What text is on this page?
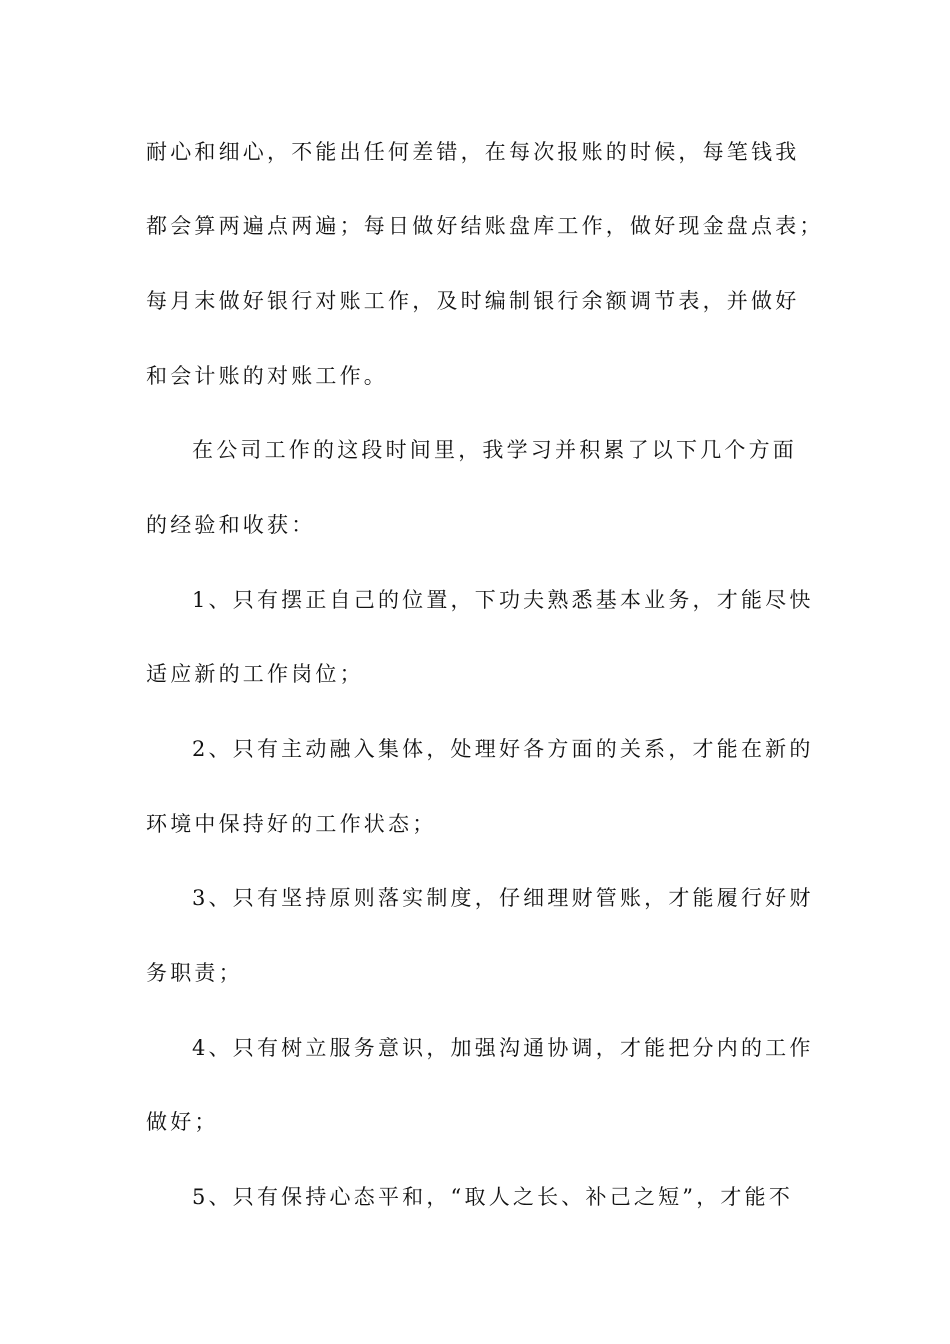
耐心和细心，不能出任何差错，在每次报账的时候，每笔钱我
都会算两遍点两遍；每日做好结账盘库工作，做好现金盘点表；
每月末做好银行对账工作，及时编制银行余额调节表，并做好
和会计账的对账工作。
在公司工作的这段时间里，我学习并积累了以下几个方面
的经验和收获：
1、只有摆正自己的位置，下功夫熟悉基本业务，才能尽快
适应新的工作岗位；
2、只有主动融入集体，处理好各方面的关系，才能在新的
环境中保持好的工作状态；
3、只有坚持原则落实制度，仔细理财管账，才能履行好财
务职责；
4、只有树立服务意识，加强沟通协调，才能把分内的工作
做好；
5、只有保持心态平和，“取人之长、补己之短”，才能不
